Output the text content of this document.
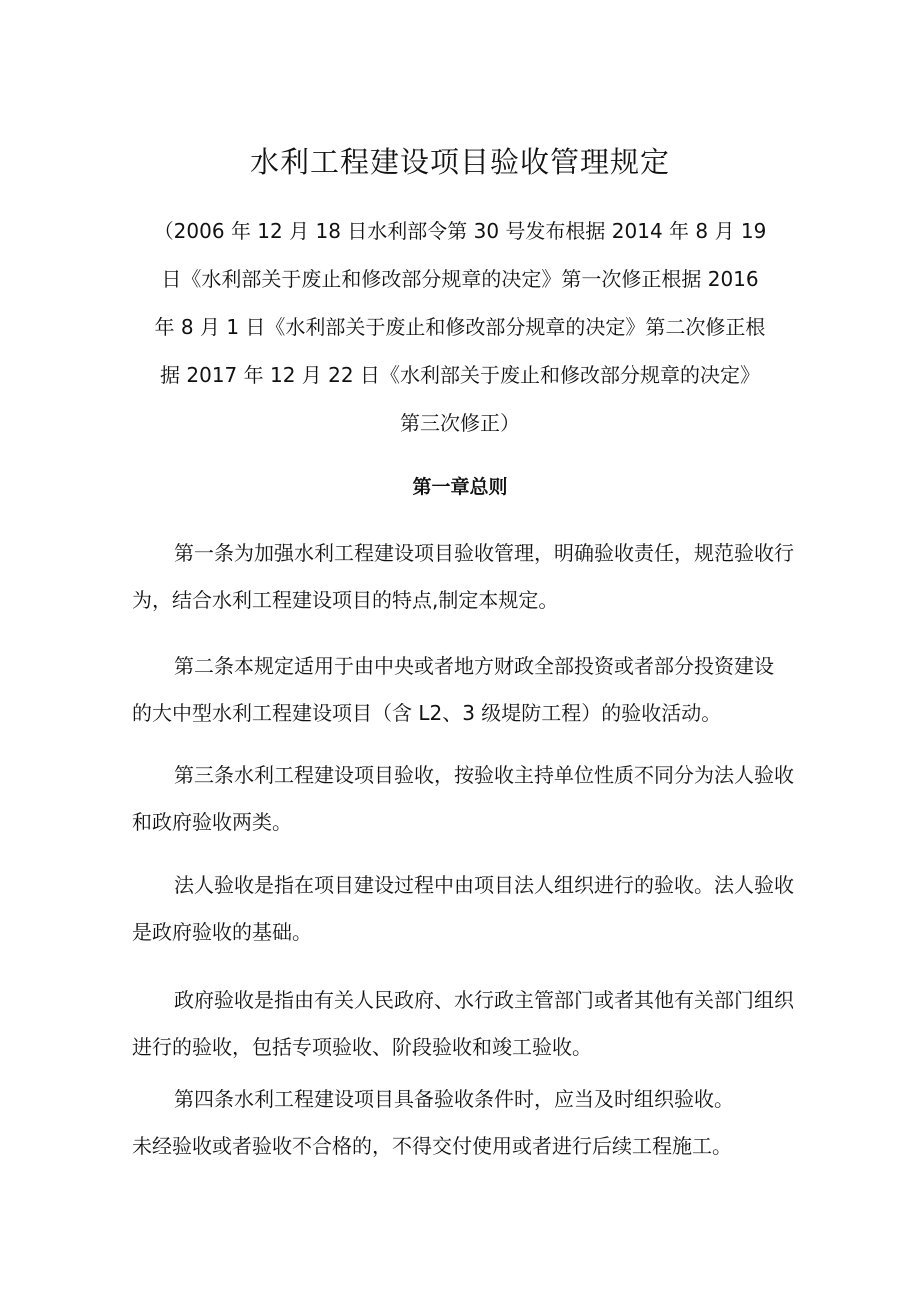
水利工程建设项目验收管理规定

（2006 年 12 月 18 日水利部令第 30 号发布根据 2014 年 8 月 19
日《水利部关于废止和修改部分规章的决定》第一次修正根据 2016
年 8 月 1 日《水利部关于废止和修改部分规章的决定》第二次修正根
据 2017 年 12 月 22 日《水利部关于废止和修改部分规章的决定》
第三次修正）

第一章总则

第一条为加强水利工程建设项目验收管理，明确验收责任，规范验收行
为，结合水利工程建设项目的特点,制定本规定。

第二条本规定适用于由中央或者地方财政全部投资或者部分投资建设
的大中型水利工程建设项目（含 L2、3 级堤防工程）的验收活动。

第三条水利工程建设项目验收，按验收主持单位性质不同分为法人验收
和政府验收两类。

法人验收是指在项目建设过程中由项目法人组织进行的验收。法人验收
是政府验收的基础。

政府验收是指由有关人民政府、水行政主管部门或者其他有关部门组织
进行的验收，包括专项验收、阶段验收和竣工验收。

第四条水利工程建设项目具备验收条件时，应当及时组织验收。
未经验收或者验收不合格的，不得交付使用或者进行后续工程施工。
